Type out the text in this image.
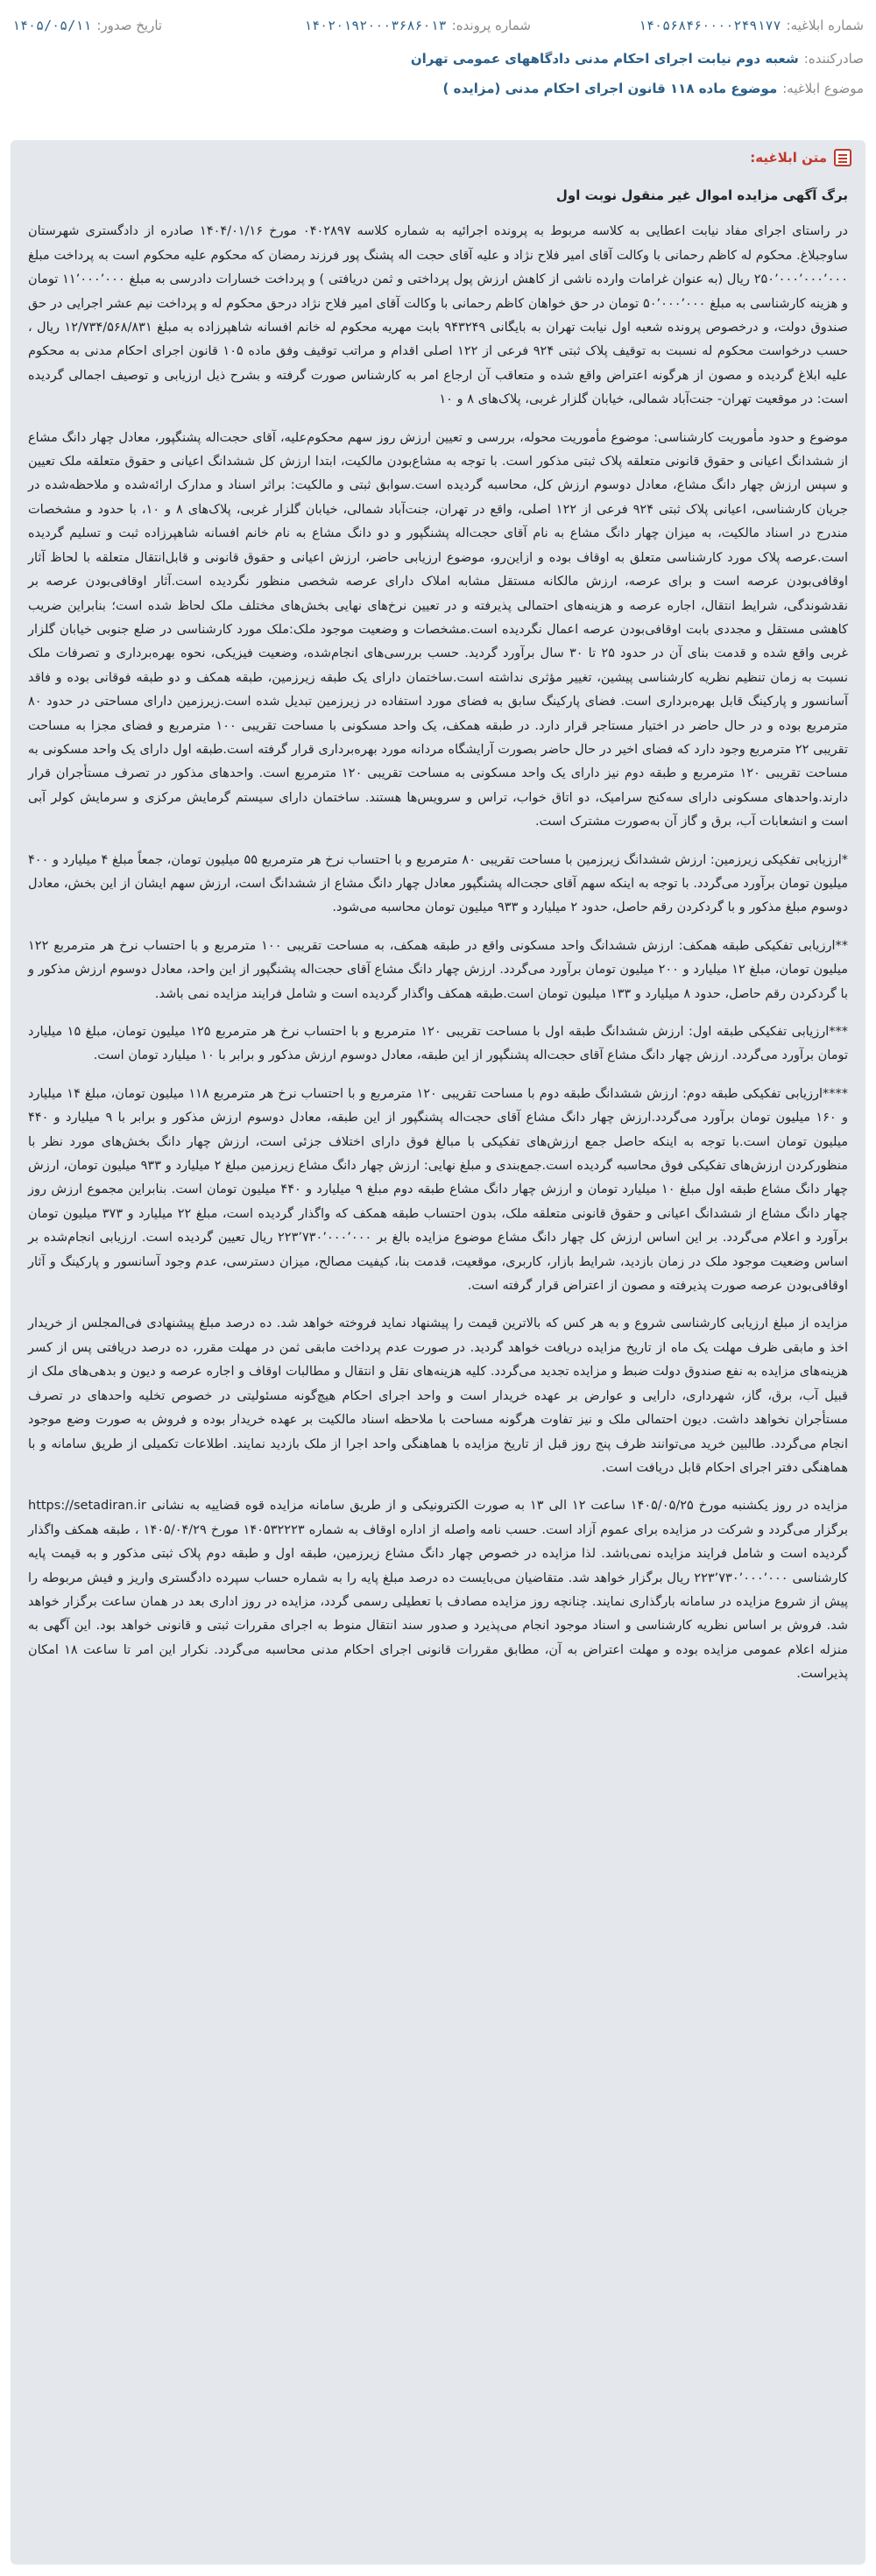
شماره ابلاغیه:
۱۴۰۵۶۸۴۶۰۰۰۰۲۴۹۱۷۷
شماره پرونده:
۱۴۰۲۰۱۹۲۰۰۰۳۶۸۶۰۱۳
تاریخ صدور:
۱۴۰۵/۰۵/۱۱
صادرکننده:
شعبه دوم نیابت اجرای احکام مدنی دادگاههای عمومی تهران
موضوع ابلاغیه:
موضوع ماده ۱۱۸ قانون اجرای احکام مدنی (مزایده )
متن ابلاغیه:

برگ آگهی مزایده اموال غیر منقول نوبت اول

در راستای اجرای مفاد نیابت اعطایی به کلاسه مربوط به پرونده اجرائیه به شماره کلاسه ۰۴۰۲۸۹۷ مورخ ۱۴۰۴/۰۱/۱۶ صادره از دادگستری شهرستان ساوجبلاغ. محکوم له کاظم رحمانی با وکالت آقای امیر فلاح نژاد و علیه آقای حجت اله پشنگ پور فرزند رمضان که محکوم علیه محکوم است به پرداخت مبلغ ۲۵۰٬۰۰۰٬۰۰۰٬۰۰۰ ریال (به عنوان غرامات وارده ناشی از کاهش ارزش پول پرداختی و ثمن دریافتی ) و پرداخت خسارات دادرسی به مبلغ ۱۱٬۰۰۰٬۰۰۰ تومان و هزینه کارشناسی به مبلغ ۵۰٬۰۰۰٬۰۰۰ تومان در حق خواهان کاظم رحمانی با وکالت آقای امیر فلاح نژاد درحق محکوم له و پرداخت نیم عشر اجرایی در حق صندوق دولت، و درخصوص پرونده شعبه اول نیابت تهران به بایگانی ۹۴۳۲۴۹ بابت مهریه محکوم له خانم افسانه شاهپرزاده به مبلغ ۱۲/۷۳۴/۵۶۸/۸۳۱ ریال ، حسب درخواست محکوم له نسبت به توقیف پلاک ثبتی ۹۲۴ فرعی از ۱۲۲ اصلی اقدام و مراتب توقیف وفق ماده ۱۰۵ قانون اجرای احکام مدنی به محکوم علیه ابلاغ گردیده و مصون از هرگونه اعتراض واقع شده و متعاقب آن ارجاع امر به کارشناس صورت گرفته و بشرح ذیل ارزیابی و توصیف اجمالی گردیده است: در موقعیت تهران- جنت‌آباد شمالی، خیابان گلزار غربی، پلاک‌های ۸ و ۱۰

موضوع و حدود مأموریت کارشناسی: موضوع مأموریت محوله، بررسی و تعیین ارزش روز سهم محکوم‌علیه، آقای حجت‌اله پشنگپور، معادل چهار دانگ مشاع از ششدانگ اعیانی و حقوق قانونی متعلقه پلاک ثبتی مذکور است. با توجه به مشاع‌بودن مالکیت، ابتدا ارزش کل ششدانگ اعیانی و حقوق متعلقه ملک تعیین و سپس ارزش چهار دانگ مشاع، معادل دوسوم ارزش کل، محاسبه گردیده است.سوابق ثبتی و مالکیت: براثر اسناد و مدارک ارائه‌شده و ملاحظه‌شده در جریان کارشناسی، اعیانی پلاک ثبتی ۹۲۴ فرعی از ۱۲۲ اصلی، واقع در تهران، جنت‌آباد شمالی، خیابان گلزار غربی، پلاک‌های ۸ و ۱۰، با حدود و مشخصات مندرج در اسناد مالکیت، به میزان چهار دانگ مشاع به نام آقای حجت‌اله پشنگپور و دو دانگ مشاع به نام خانم افسانه شاهپرزاده ثبت و تسلیم گردیده است.عرصه پلاک مورد کارشناسی متعلق به اوقاف بوده و ازاین‌رو، موضوع ارزیابی حاضر، ارزش اعیانی و حقوق قانونی و قابل‌انتقال متعلقه با لحاظ آثار اوقافی‌بودن عرصه است و برای عرصه، ارزش مالکانه مستقل مشابه املاک دارای عرصه شخصی منظور نگردیده است.آثار اوقافی‌بودن عرصه بر نقدشوندگی، شرایط انتقال، اجاره عرصه و هزینه‌های احتمالی پذیرفته و در تعیین نرخ‌های نهایی بخش‌های مختلف ملک لحاظ شده است؛ بنابراین ضریب کاهشی مستقل و مجددی بابت اوقافی‌بودن عرصه اعمال نگردیده است.مشخصات و وضعیت موجود ملک:ملک مورد کارشناسی در ضلع جنوبی خیابان گلزار غربی واقع شده و قدمت بنای آن در حدود ۲۵ تا ۳۰ سال برآورد گردید. حسب بررسی‌های انجام‌شده، وضعیت فیزیکی، نحوه بهره‌برداری و تصرفات ملک نسبت به زمان تنظیم نظریه کارشناسی پیشین، تغییر مؤثری نداشته است.ساختمان دارای یک طبقه زیرزمین، طبقه همکف و دو طبقه فوقانی بوده و فاقد آسانسور و پارکینگ قابل بهره‌برداری است. فضای پارکینگ سابق به فضای مورد استفاده در زیرزمین تبدیل شده است.زیرزمین دارای مساحتی در حدود ۸۰ مترمربع بوده و در حال حاضر در اختیار مستاجر قرار دارد. در طبقه همکف، یک واحد مسکونی با مساحت تقریبی ۱۰۰ مترمربع و فضای مجزا به مساحت تقریبی ۲۲ مترمربع وجود دارد که فضای اخیر در حال حاضر بصورت آرایشگاه مردانه مورد بهره‌برداری قرار گرفته است.طبقه اول دارای یک واحد مسکونی به مساحت تقریبی ۱۲۰ مترمربع و طبقه دوم نیز دارای یک واحد مسکونی به مساحت تقریبی ۱۲۰ مترمربع است. واحدهای مذکور در تصرف مستأجران قرار دارند.واحدهای مسکونی دارای سه‌کنج سرامیک، دو اتاق خواب، تراس و سرویس‌ها هستند. ساختمان دارای سیستم گرمایش مرکزی و سرمایش کولر آبی است و انشعابات آب، برق و گاز آن به‌صورت مشترک است.

*ارزیابی تفکیکی زیرزمین: ارزش ششدانگ زیرزمین با مساحت تقریبی ۸۰ مترمربع و با احتساب نرخ هر مترمربع ۵۵ میلیون تومان، جمعاً مبلغ ۴ میلیارد و ۴۰۰ میلیون تومان برآورد می‌گردد. با توجه به اینکه سهم آقای حجت‌اله پشنگپور معادل چهار دانگ مشاع از ششدانگ است، ارزش سهم ایشان از این بخش، معادل دوسوم مبلغ مذکور و با گردکردن رقم حاصل، حدود ۲ میلیارد و ۹۳۳ میلیون تومان محاسبه می‌شود.

**ارزیابی تفکیکی طبقه همکف: ارزش ششدانگ واحد مسکونی واقع در طبقه همکف، به مساحت تقریبی ۱۰۰ مترمربع و با احتساب نرخ هر مترمربع ۱۲۲ میلیون تومان، مبلغ ۱۲ میلیارد و ۲۰۰ میلیون تومان برآورد می‌گردد. ارزش چهار دانگ مشاع آقای حجت‌اله پشنگپور از این واحد، معادل دوسوم ارزش مذکور و با گردکردن رقم حاصل، حدود ۸ میلیارد و ۱۳۳ میلیون تومان است.طبقه همکف واگذار گردیده است و شامل فرایند مزایده نمی باشد.

***ارزیابی تفکیکی طبقه اول: ارزش ششدانگ طبقه اول با مساحت تقریبی ۱۲۰ مترمربع و با احتساب نرخ هر مترمربع ۱۲۵ میلیون تومان، مبلغ ۱۵ میلیارد تومان برآورد می‌گردد. ارزش چهار دانگ مشاع آقای حجت‌اله پشنگپور از این طبقه، معادل دوسوم ارزش مذکور و برابر با ۱۰ میلیارد تومان است.

****ارزیابی تفکیکی طبقه دوم: ارزش ششدانگ طبقه دوم با مساحت تقریبی ۱۲۰ مترمربع و با احتساب نرخ هر مترمربع ۱۱۸ میلیون تومان، مبلغ ۱۴ میلیارد و ۱۶۰ میلیون تومان برآورد می‌گردد.ارزش چهار دانگ مشاع آقای حجت‌اله پشنگپور از این طبقه، معادل دوسوم ارزش مذکور و برابر با ۹ میلیارد و ۴۴۰ میلیون تومان است.با توجه به اینکه حاصل جمع ارزش‌های تفکیکی با مبالغ فوق دارای اختلاف جزئی است، ارزش چهار دانگ بخش‌های مورد نظر با منظورکردن ارزش‌های تفکیکی فوق محاسبه گردیده است.جمع‌بندی و مبلغ نهایی: ارزش چهار دانگ مشاع زیرزمین مبلغ ۲ میلیارد و ۹۳۳ میلیون تومان، ارزش چهار دانگ مشاع طبقه اول مبلغ ۱۰ میلیارد تومان و ارزش چهار دانگ مشاع طبقه دوم مبلغ ۹ میلیارد و ۴۴۰ میلیون تومان است. بنابراین مجموع ارزش روز چهار دانگ مشاع از ششدانگ اعیانی و حقوق قانونی متعلقه ملک، بدون احتساب طبقه همکف که واگذار گردیده است، مبلغ ۲۲ میلیارد و ۳۷۳ میلیون تومان برآورد و اعلام می‌گردد. بر این اساس ارزش کل چهار دانگ مشاع موضوع مزایده بالغ بر ۲۲۳٬۷۳۰٬۰۰۰٬۰۰۰ ریال تعیین گردیده است. ارزیابی انجام‌شده بر اساس وضعیت موجود ملک در زمان بازدید، شرایط بازار، کاربری، موقعیت، قدمت بنا، کیفیت مصالح، میزان دسترسی، عدم وجود آسانسور و پارکینگ و آثار اوقافی‌بودن عرصه صورت پذیرفته و مصون از اعتراض قرار گرفته است.

مزایده از مبلغ ارزیابی کارشناسی شروع و به هر کس که بالاترین قیمت را پیشنهاد نماید فروخته خواهد شد. ده درصد مبلغ پیشنهادی فی‌المجلس از خریدار اخذ و مابقی ظرف مهلت یک ماه از تاریخ مزایده دریافت خواهد گردید. در صورت عدم پرداخت مابقی ثمن در مهلت مقرر، ده درصد دریافتی پس از کسر هزینه‌های مزایده به نفع صندوق دولت ضبط و مزایده تجدید می‌گردد. کلیه هزینه‌های نقل و انتقال و مطالبات اوقاف و اجاره عرصه و دیون و بدهی‌های ملک از قبیل آب، برق، گاز، شهرداری، دارایی و عوارض بر عهده خریدار است و واحد اجرای احکام هیچ‌گونه مسئولیتی در خصوص تخلیه واحدهای در تصرف مستأجران نخواهد داشت. دیون احتمالی ملک و نیز تفاوت هرگونه مساحت با ملاحظه اسناد مالکیت بر عهده خریدار بوده و فروش به صورت وضع موجود انجام می‌گردد. طالبین خرید می‌توانند ظرف پنج روز قبل از تاریخ مزایده با هماهنگی واحد اجرا از ملک بازدید نمایند. اطلاعات تکمیلی از طریق سامانه و با هماهنگی دفتر اجرای احکام قابل دریافت است.

مزایده در روز یکشنبه مورخ ۱۴۰۵/۰۵/۲۵ ساعت ۱۲ الی ۱۳ به صورت الکترونیکی و از طریق سامانه مزایده قوه قضاییه به نشانی https://setadiran.ir برگزار می‌گردد و شرکت در مزایده برای عموم آزاد است. حسب نامه واصله از اداره اوقاف به شماره ۱۴۰۵۳۲۲۲۳ مورخ ۱۴۰۵/۰۴/۲۹ ، طبقه همکف واگذار گردیده است و شامل فرایند مزایده نمی‌باشد. لذا مزایده در خصوص چهار دانگ مشاع زیرزمین، طبقه اول و طبقه دوم پلاک ثبتی مذکور و به قیمت پایه کارشناسی ۲۲۳٬۷۳۰٬۰۰۰٬۰۰۰ ریال برگزار خواهد شد. متقاضیان می‌بایست ده درصد مبلغ پایه را به شماره حساب سپرده دادگستری واریز و فیش مربوطه را پیش از شروع مزایده در سامانه بارگذاری نمایند. چنانچه روز مزایده مصادف با تعطیلی رسمی گردد، مزایده در روز اداری بعد در همان ساعت برگزار خواهد شد. فروش بر اساس نظریه کارشناسی و اسناد موجود انجام می‌پذیرد و صدور سند انتقال منوط به اجرای مقررات ثبتی و قانونی خواهد بود. این آگهی به منزله اعلام عمومی مزایده بوده و مهلت اعتراض به آن، مطابق مقررات قانونی اجرای احکام مدنی محاسبه می‌گردد. نکرار این امر تا ساعت ۱۸ امکان پذیراست.
